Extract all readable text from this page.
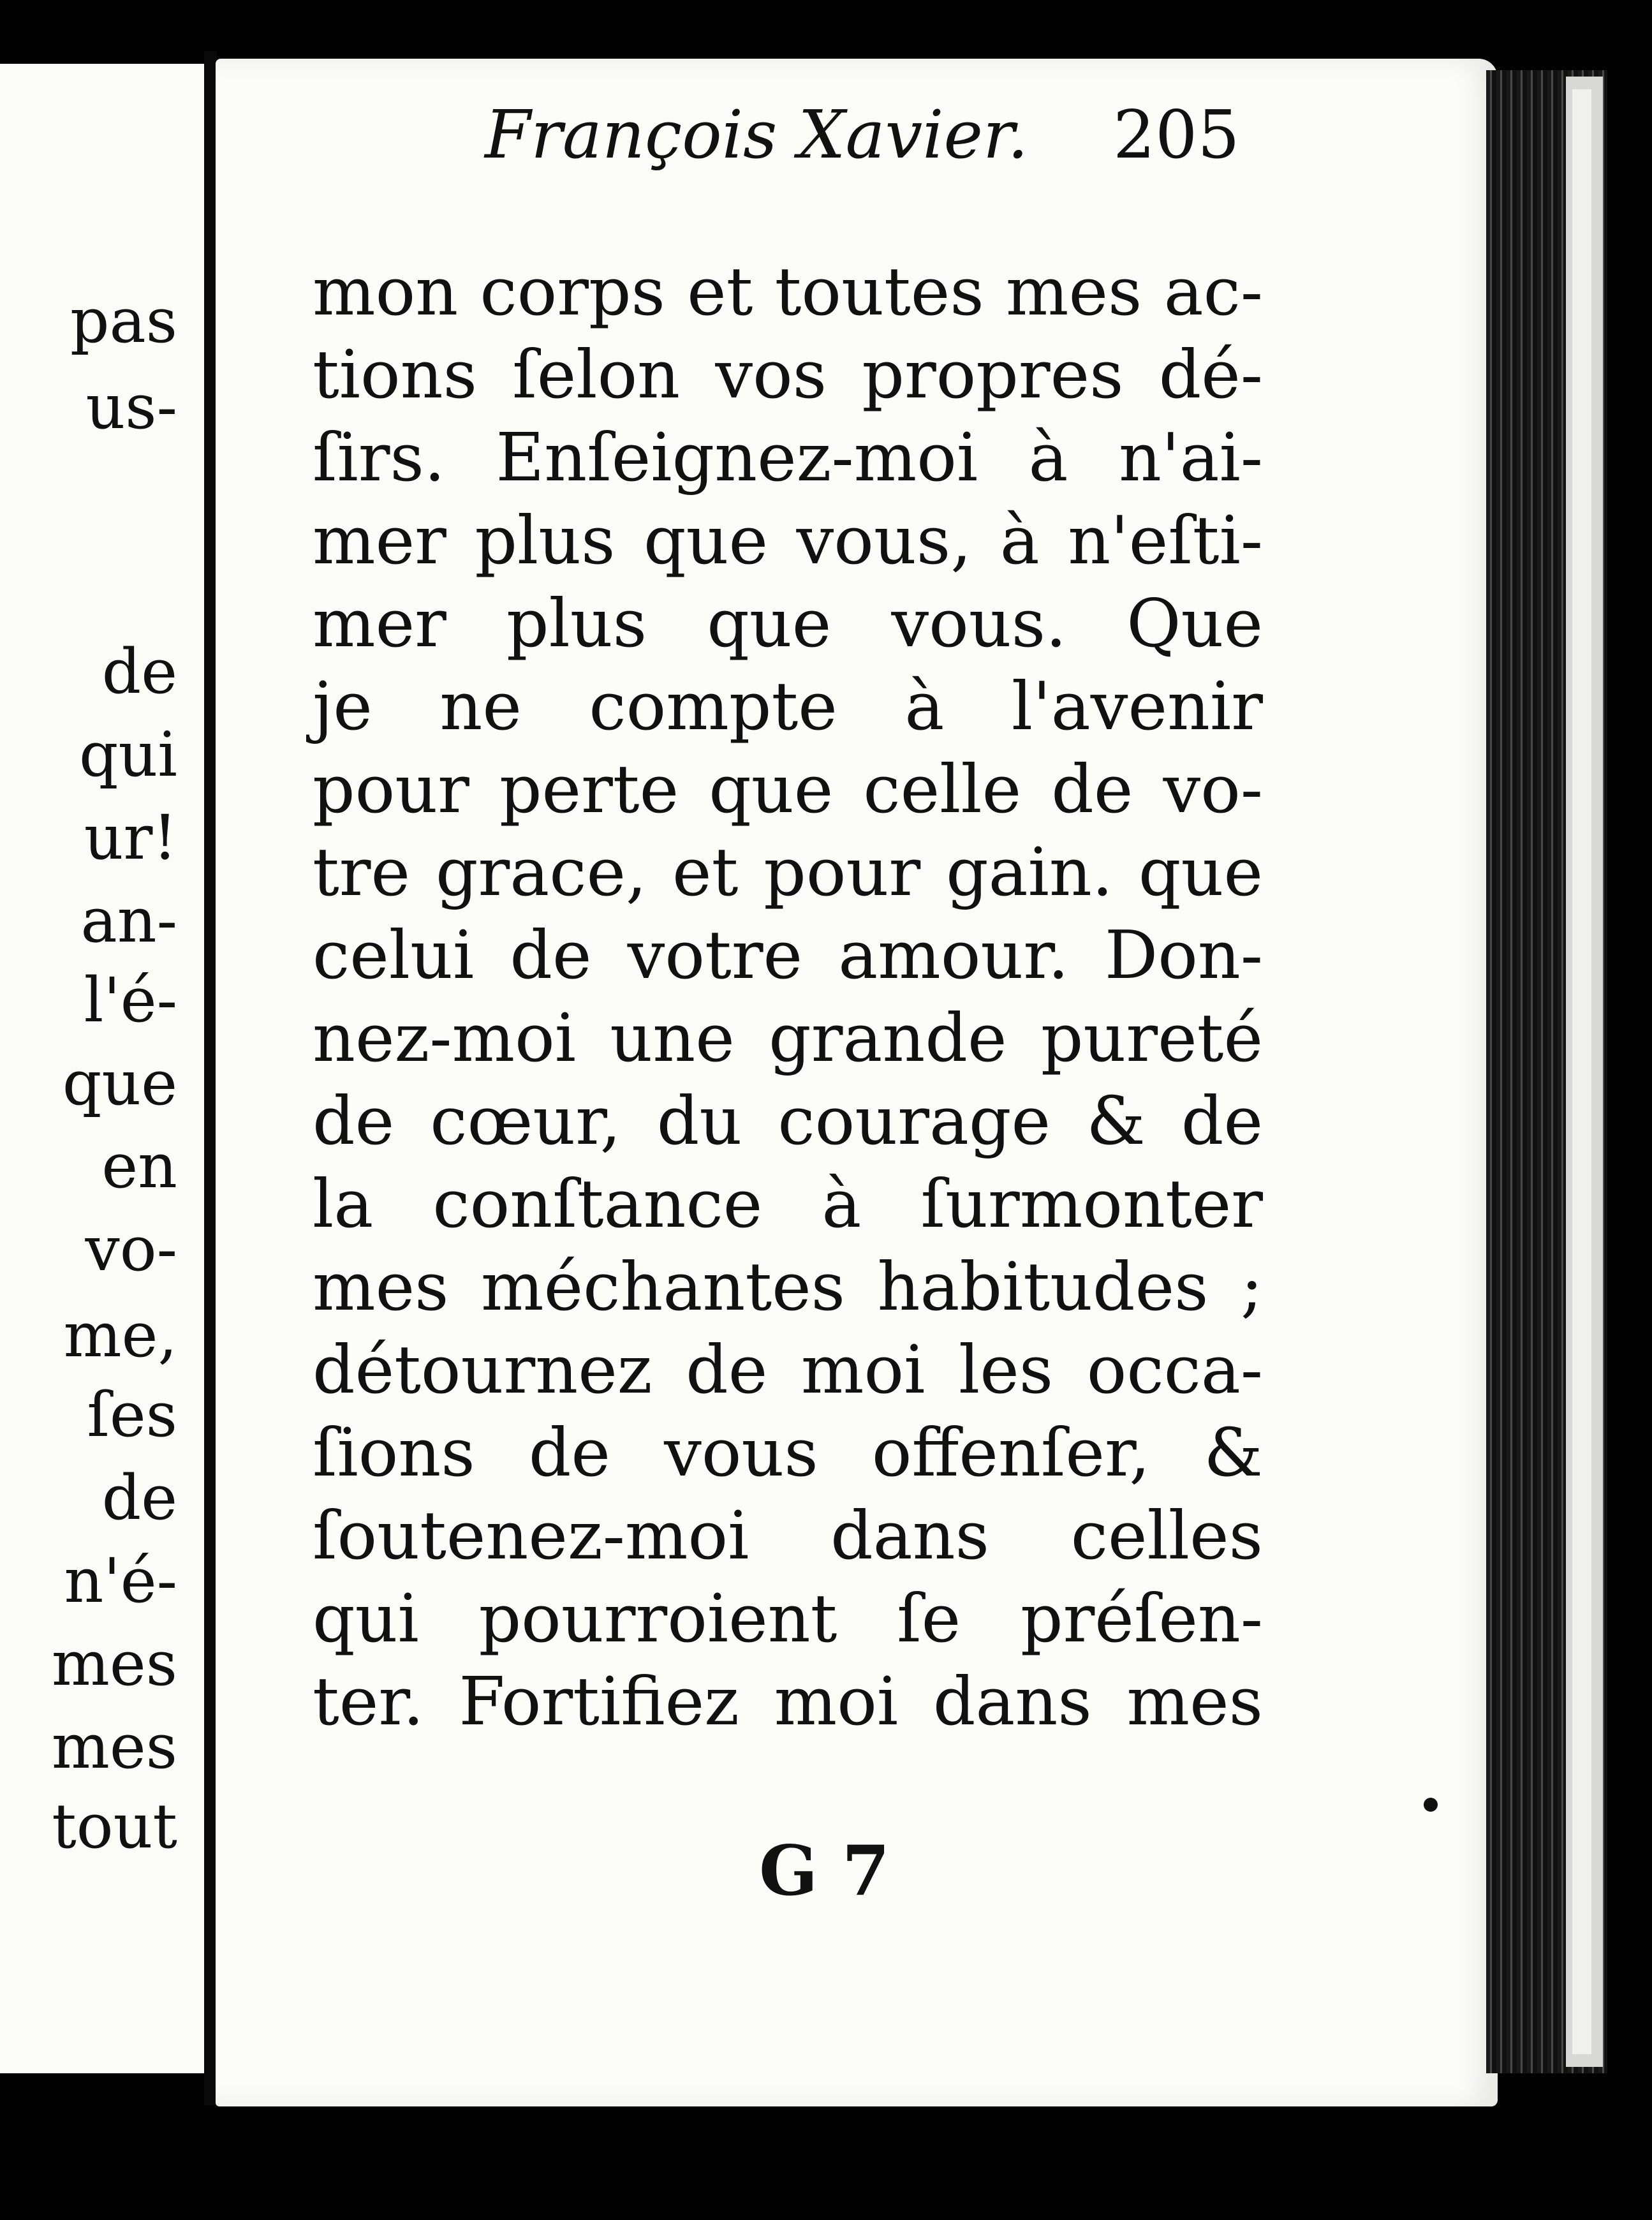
pas
us-
de
qui
ur!
an-
l'é-
que
en
vo-
me,
ſes
de
n'é-
mes
mes
tout
François Xavier. 205
mon corps et toutes mes ac-
tions ſelon vos propres dé-
ſirs. Enſeignez-moi à n'ai-
mer plus que vous, à n'eſti-
mer plus que vous. Que
je ne compte à l'avenir
pour perte que celle de vo-
tre grace, et pour gain. que
celui de votre amour. Don-
nez-moi une grande pureté
de cœur, du courage & de
la conſtance à ſurmonter
mes méchantes habitudes ;
détournez de moi les occa-
ſions de vous offenſer, &
ſoutenez-moi dans celles
qui pourroient ſe préſen-
ter. Fortifiez moi dans mes
G 7
